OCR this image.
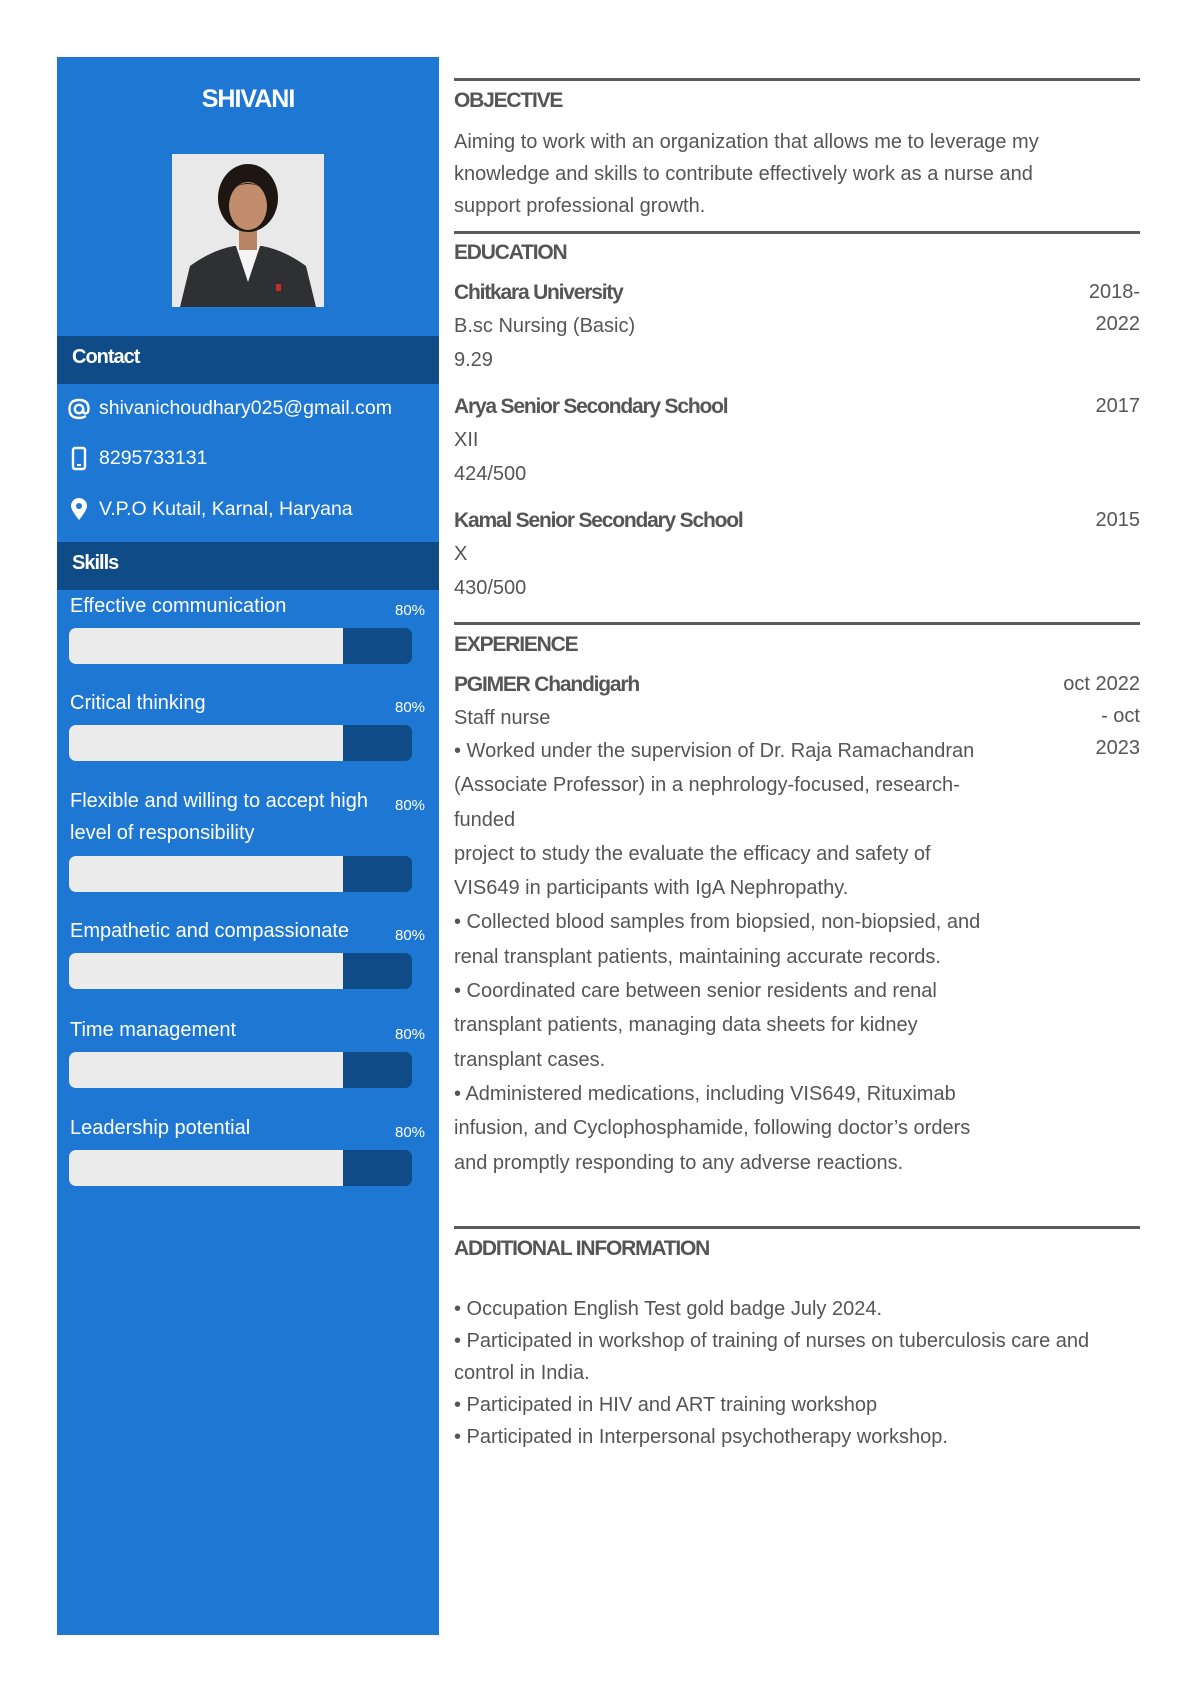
SHIVANI
Contact
shivanichoudhary025@gmail.com
8295733131
V.P.O Kutail, Karnal, Haryana
Skills
Effective communication	80%
Critical thinking	80%
Flexible and willing to accept high level of responsibility
80%
Empathetic and compassionate	80%
Time management	80%
Leadership potential	80%
OBJECTIVE
Aiming to work with an organization that allows me to leverage my knowledge and skills to contribute effectively work as a nurse and support professional growth.
EDUCATION
Chitkara University	2018-
2022
B.sc Nursing (Basic)
9.29
Arya Senior Secondary School	2017
XII
424/500
Kamal Senior Secondary School	2015
X
430/500
EXPERIENCE
PGIMER Chandigarh	oct 2022
- oct
2023
Staff nurse
• Worked under the supervision of Dr. Raja Ramachandran
(Associate Professor) in a nephrology-focused, research-
funded
project to study the evaluate the efficacy and safety of
VIS649 in participants with IgA Nephropathy.
• Collected blood samples from biopsied, non-biopsied, and
renal transplant patients, maintaining accurate records.
• Coordinated care between senior residents and renal
transplant patients, managing data sheets for kidney
transplant cases.
• Administered medications, including VIS649, Rituximab
infusion, and Cyclophosphamide, following doctor’s orders
and promptly responding to any adverse reactions.
ADDITIONAL INFORMATION
• Occupation English Test gold badge July 2024.
• Participated in workshop of training of nurses on tuberculosis care and control in India.
• Participated in HIV and ART training workshop
• Participated in Interpersonal psychotherapy workshop.
